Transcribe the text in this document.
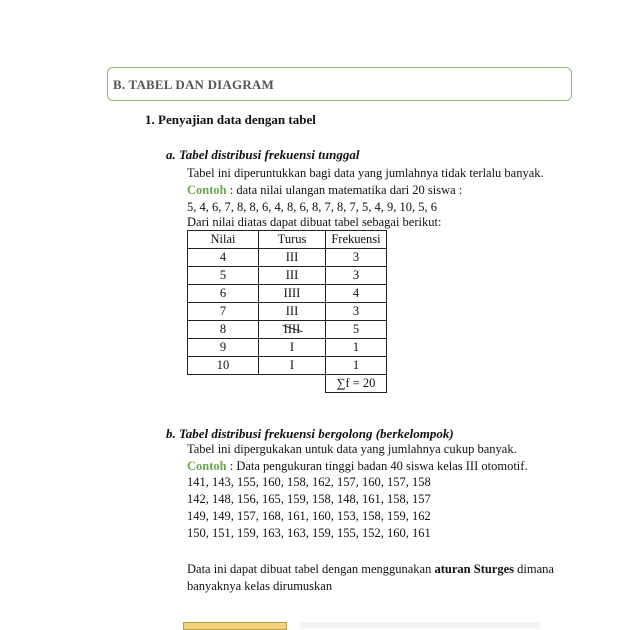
B. TABEL DAN DIAGRAM
1. Penyajian data dengan tabel
a. Tabel distribusi frekuensi tunggal
Tabel ini diperuntukkan bagi data yang jumlahnya tidak terlalu banyak.
Contoh : data nilai ulangan matematika dari 20 siswa :
5, 4, 6, 7, 8, 8, 6, 4, 8, 6, 8, 7, 8, 7, 5, 4, 9, 10, 5, 6
Dari nilai diatas dapat dibuat tabel sebagai berikut:
Nilai	Turus	Frekuensi
4	III	3
5	III	3
6	IIII	4
7	III	3
8	IIII	5
9	I	1
10	I	1
		∑f = 20
b. Tabel distribusi frekuensi bergolong (berkelompok)
Tabel ini dipergukakan untuk data yang jumlahnya cukup banyak.
Contoh : Data pengukuran tinggi badan 40 siswa kelas III otomotif.
141, 143, 155, 160, 158, 162, 157, 160, 157, 158
142, 148, 156, 165, 159, 158, 148, 161, 158, 157
149, 149, 157, 168, 161, 160, 153, 158, 159, 162
150, 151, 159, 163, 163, 159, 155, 152, 160, 161
Data ini dapat dibuat tabel dengan menggunakan aturan Sturges dimana
banyaknya kelas dirumuskan
